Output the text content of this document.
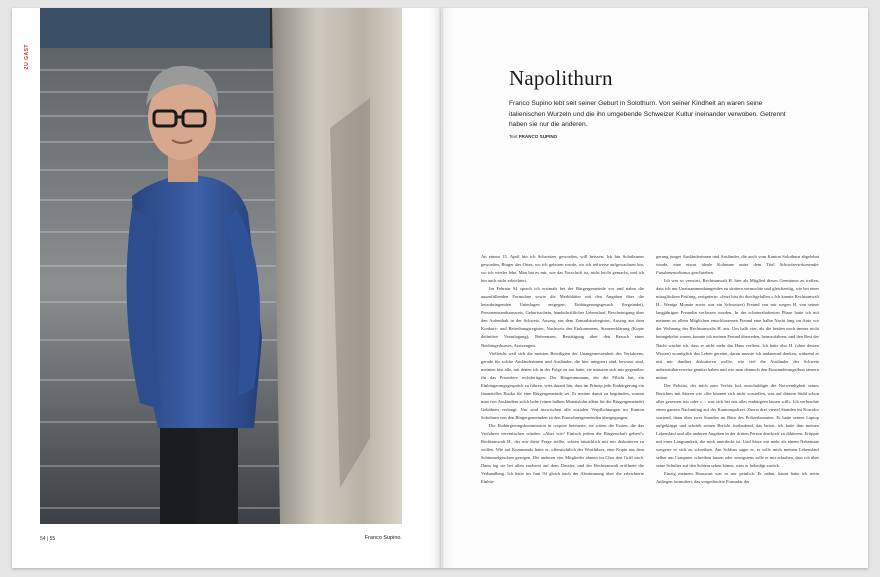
ZU GAST
54 | 55	Franco Supino.
Napolithurn

Franco Supino lebt seit seiner Geburt in Solothurn. Von seiner Kindheit an waren seine italienischen Wurzeln und die ihn umgebende Schweizer Kultur ineinander verwoben. Getrennt haben sie nur die anderen.

Text FRANCO SUPINO

An einem 15. April bin ich Schweizer geworden, will heissen: Ich bin Solothurner geworden, Bürger des Ortes, wo ich geboren wurde, wo ich teilweise aufgewachsen bin, wo ich wieder lebe. Man hat es mir, wie das Vorschrift ist, nicht leicht gemacht, und ich bin auch nicht erleichtert.

Im Februar 94 sprach ich erstmals bei der Bürgergemeinde vor und nahm die auszufüllenden Formulare sowie die Merkblätter mit den Angaben über die beizubringenden Unterlagen entgegen: Einbürgerungsgesuch (begründet), Personenstandsausweis, Geburtsschein, handschriftlicher Lebenslauf, Bescheinigung über den Aufenthalt in der Schweiz, Auszug aus dem Zentralstrafregister, Auszug aus dem Konkurs- und Betreibungsregister, Nachweis des Einkommens, Steuererklärung (Kopie definitive Veranlagung), Referenzen, Bestätigung über den Besuch eines Neubürgerkurses, Arztzeugnis.

Vielleicht weil sich die meisten Beteiligten der Unangemessenheit des Verfahrens, gerade für solche Ausländerinnen und Ausländer, die hier integriert sind, bewusst sind, meinten fast alle, mit denen ich in der Folge zu tun hatte, sie müssten sich mir gegenüber für das Prozedere rechtfertigen: Der Bürgerammann, der die Pflicht hat, ein Einbürgerungsgespräch zu führen, wies darauf hin, dass im Prinzip jede Einbürgerung ein finanzielles Risiko für eine Bürgergemeinde sei. Er meinte damit zu begründen, warum man von Ausländern solch hohe (einen halben Monatslohn allein für die Bürgergemeinde) Gebühren verlangt. Nur sind inzwischen alle sozialen Verpflichtungen im Kanton Solothurn von den Bürgergemeinden zu den Einwohnergemeinden übergegangen.

Die Einbürgerungskommission in corpore beteuerte, sie wären die Ersten, die das Verfahren vereinfachen würden. «Aber wie? Einfach jedem die Bürgerschaft geben?» Rechtsanwalt H., der mir diese Frage stellte, schien tatsächlich mit mir diskutieren zu wollen. Wie auf Kommando hatte er, offensichtlich der Wortführer, eine Kopie aus dem Schimmelgeschen gezogen. Die anderen vier Mitglieder ahnten im Chor den Griff nach. Dann lag sie bei allen zuoberst auf dem Dossier, und der Rechtsanwalt eröffnete die Verhandlung. Ich hatte im Juni 94 gleich nach der Abstimmung über die erleichterte Einbür-

gerung junger Ausländerinnen und Ausländer, die auch vom Kanton Solothurn abgelehnt wurde, eine etwas ideale Kolumne unter dem Titel Schweizerträumender Fundamentalismus geschrieben.

Ich war so verwirrt, Rechtsanwalt H. hier als Mitglied dieses Gremiums zu treffen, dass ich nur Unzusammenhängendes zu stottern vermochte und gleichzeitig, wie bei einer missglückten Prüfung, resignierte: «Jetzt bist du durchgefallen.» Ich kannte Rechtsanwalt H.: Wenige Monate zuvor war ein Schweizer) Freund von mir wegen H. von seiner langjährigen Freundin verlassen worden. In der schmerzhaftesten Phase hatte ich mit meinem zu allem Möglichen entschlossenen Freund eine halbe Nacht lang im Auto vor der Wohnung des Rechtsanwalts H. aus. Um halb vier, als die beiden noch immer nicht heimgekehrt waren, konnte ich meinen Freund überreden, heimzufahren, und den Rest der Nacht wachte ich, dass er nicht mehr das Haus verliess. Ich hatte also H. (ohne dessen Wissen) womöglich das Leben gerettet, daran musste ich andauernd denken, während er mit mir darüber diskutieren wollte, wie viel die Ausländer der Schweiz unbestrittbarerweise genützt haben und wie man dennoch den Einwanderungsfluss steuern müsse.

Der Polizist, der mich zum Verhör lud, entschuldigte die Notwendigkeit seines Berichtes mit Sätzen wie «Sie können sich nicht vorstellen, was auf diesem Stuhl schon alles gesessen ist» oder «… was sich bei uns alles einbürgern lassen will». Ich verbrachte einen ganzen Nachmittag auf der Kantonspolizei. Zuerst drei viertel Stunden im Korridor wartend, dann über zwei Stunden im Büro des Polizeibeamten. Er hatte seinen Laptop aufgeklappt und schrieb seinen Bericht fortlaufend, das heisst, ich hatte ihm meinen Lebenslauf und alle anderen Angaben in der dritten Person druckreif zu diktieren. Ertippte mit einer Langsamkeit, die noch unerdeckt ist. Und Sätze mit mehr als einem Nebensatz weigerte er sich zu schreiben. Am Schluss sagte er, er solle mich meinen Lebenslauf selber am Computer schreiben lassen oder wenigstens solle er mir erlauben, dass ich über seine Schulter auf den Schirm sehen könne, wies er beleidigt zurück.

Einzig meinem Hauswart war es nur peinlich. Er nahm, kaum hatte ich mein Anliegen formuliert, das vorgedruckte Formular der
